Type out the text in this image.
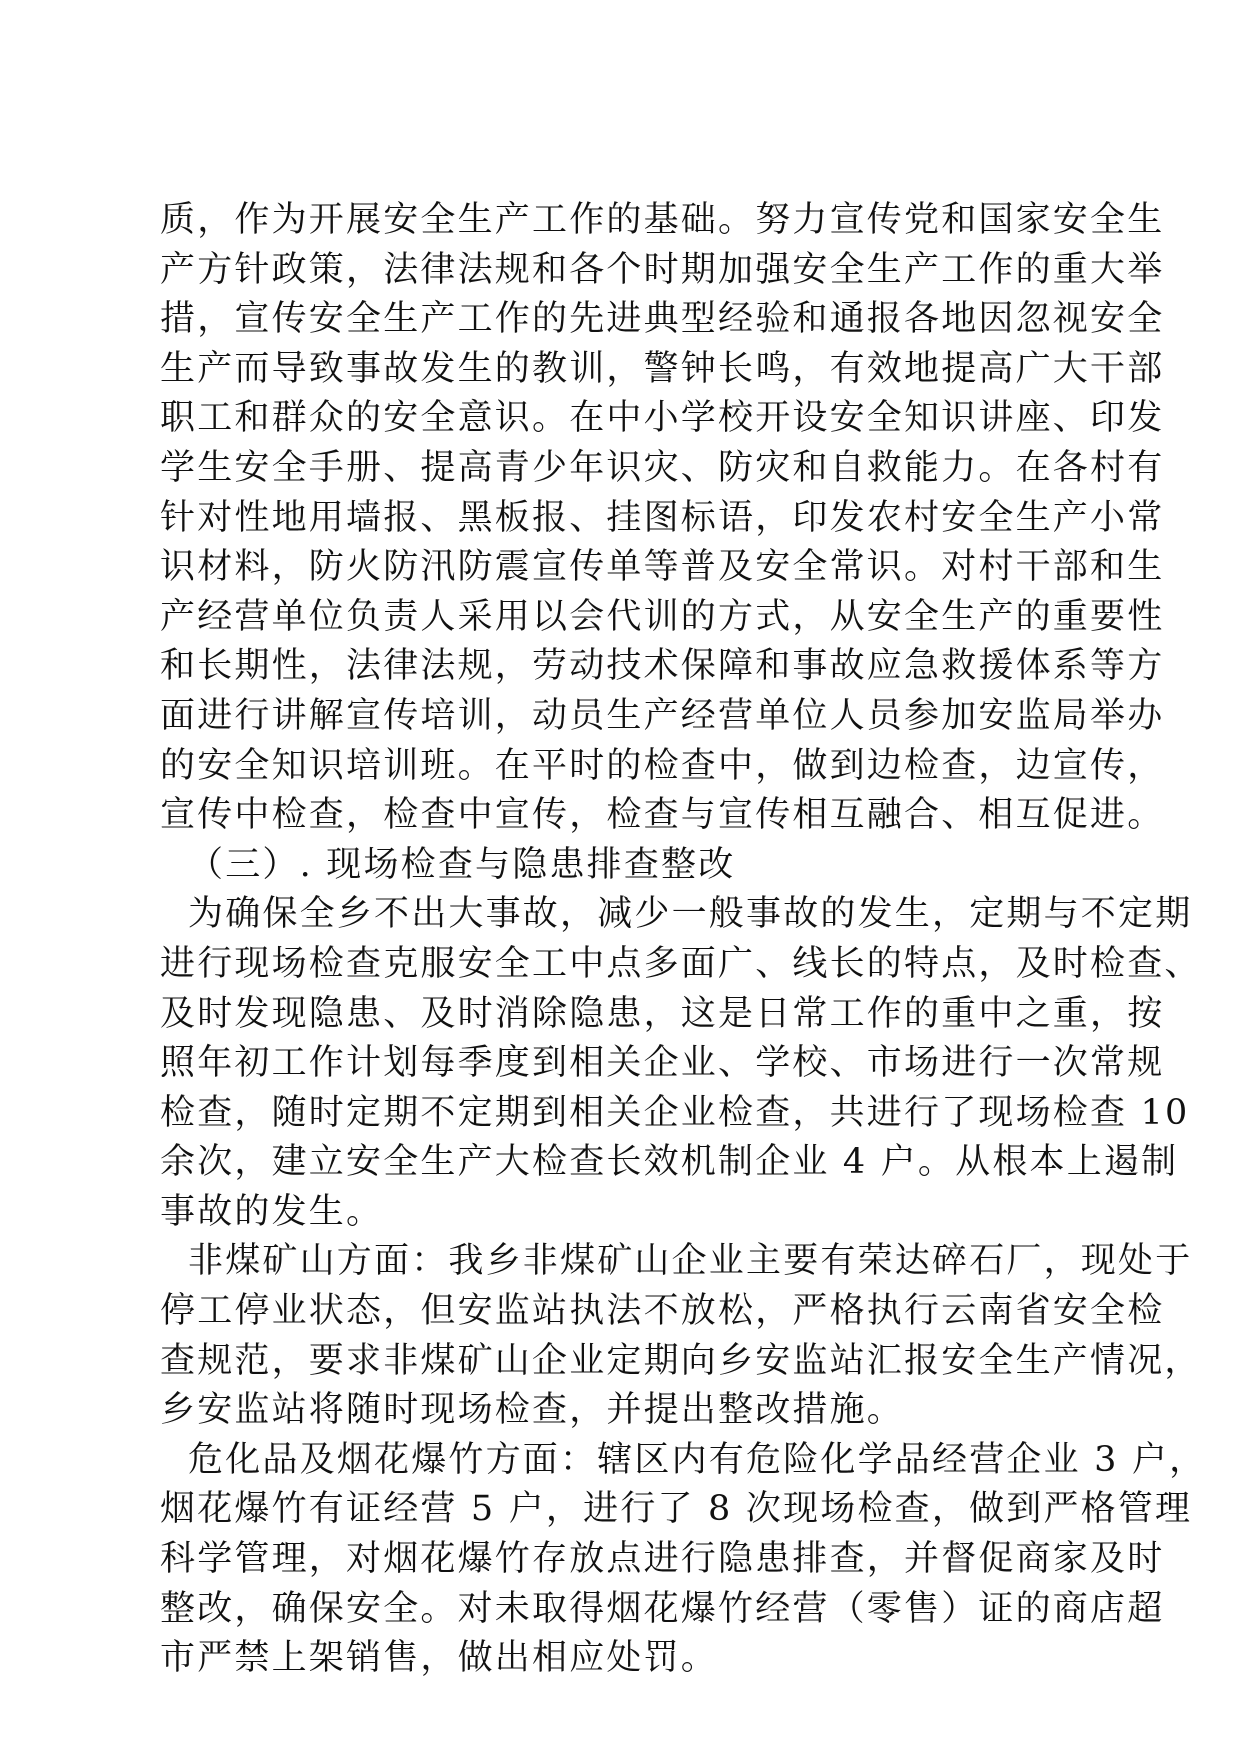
质，作为开展安全生产工作的基础。努力宣传党和国家安全生
产方针政策，法律法规和各个时期加强安全生产工作的重大举
措，宣传安全生产工作的先进典型经验和通报各地因忽视安全
生产而导致事故发生的教训，警钟长鸣，有效地提高广大干部
职工和群众的安全意识。在中小学校开设安全知识讲座、印发
学生安全手册、提高青少年识灾、防灾和自救能力。在各村有
针对性地用墙报、黑板报、挂图标语，印发农村安全生产小常
识材料，防火防汛防震宣传单等普及安全常识。对村干部和生
产经营单位负责人采用以会代训的方式，从安全生产的重要性
和长期性，法律法规，劳动技术保障和事故应急救援体系等方
面进行讲解宣传培训，动员生产经营单位人员参加安监局举办
的安全知识培训班。在平时的检查中，做到边检查，边宣传，
宣传中检查，检查中宣传，检查与宣传相互融合、相互促进。
（三）. 现场检查与隐患排查整改
为确保全乡不出大事故，减少一般事故的发生，定期与不定期
进行现场检查克服安全工中点多面广、线长的特点，及时检查、
及时发现隐患、及时消除隐患，这是日常工作的重中之重，按
照年初工作计划每季度到相关企业、学校、市场进行一次常规
检查，随时定期不定期到相关企业检查，共进行了现场检查 10
余次，建立安全生产大检查长效机制企业 4 户。从根本上遏制
事故的发生。
非煤矿山方面：我乡非煤矿山企业主要有荣达碎石厂，现处于
停工停业状态，但安监站执法不放松，严格执行云南省安全检
查规范，要求非煤矿山企业定期向乡安监站汇报安全生产情况，
乡安监站将随时现场检查，并提出整改措施。
危化品及烟花爆竹方面：辖区内有危险化学品经营企业 3 户，
烟花爆竹有证经营 5 户，进行了 8 次现场检查，做到严格管理
科学管理，对烟花爆竹存放点进行隐患排查，并督促商家及时
整改，确保安全。对未取得烟花爆竹经营（零售）证的商店超
市严禁上架销售，做出相应处罚。
